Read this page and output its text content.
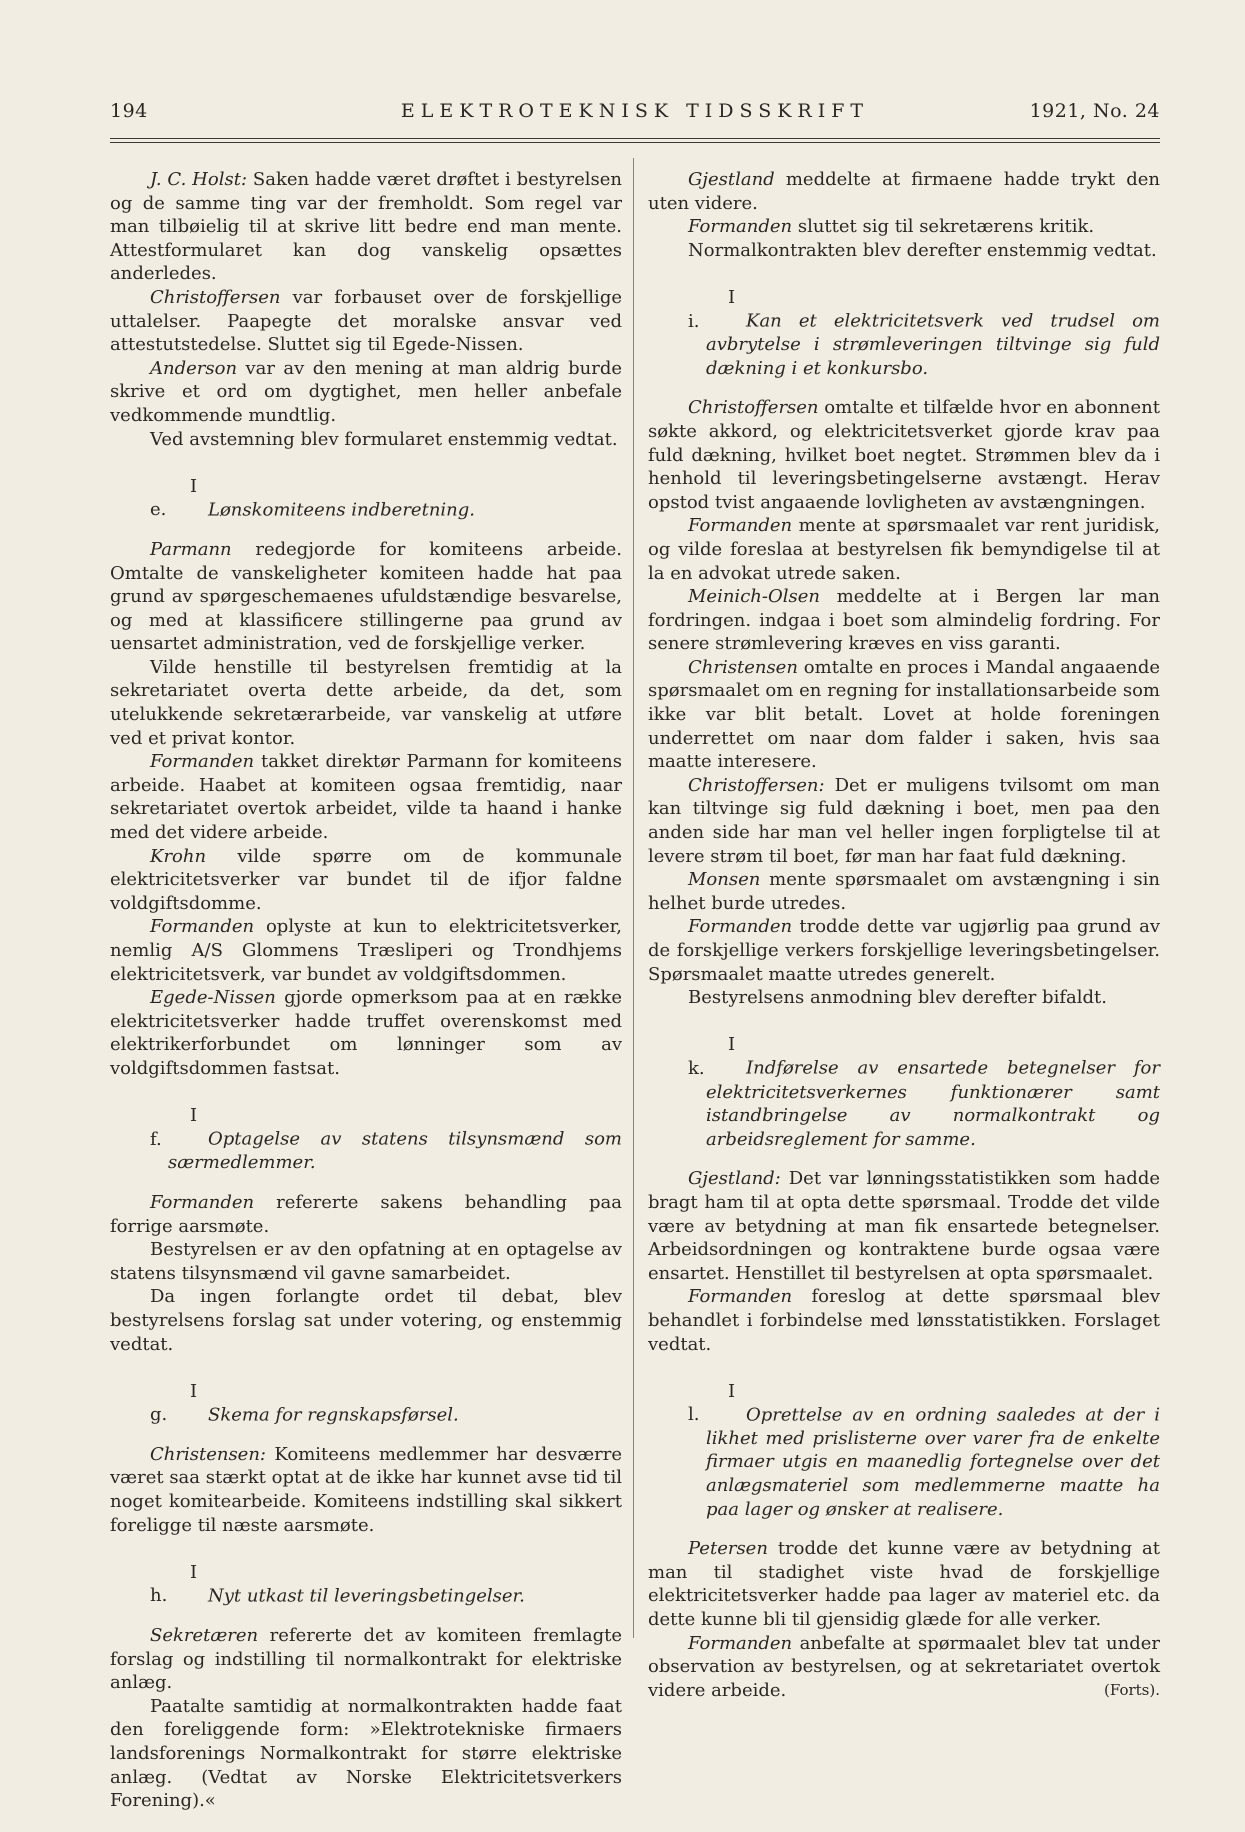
194	ELEKTROTEKNISK TIDSSKRIFT	1921, No. 24

J. C. Holst: Saken hadde været drøftet i bestyrelsen og de samme ting var der fremholdt. Som regel var man tilbøielig til at skrive litt bedre end man mente. Attestformularet kan dog vanskelig opsættes anderledes.

Christoffersen var forbauset over de forskjellige uttalelser. Paapegte det moralske ansvar ved attestutstedelse. Sluttet sig til Egede-Nissen.

Anderson var av den mening at man aldrig burde skrive et ord om dygtighet, men heller anbefale vedkommende mundtlig.

Ved avstemning blev formularet enstemmig vedtat.

I e. Lønskomiteens indberetning.

Parmann redegjorde for komiteens arbeide. Omtalte de vanskeligheter komiteen hadde hat paa grund av spørgeschemaenes ufuldstændige besvarelse, og med at klassificere stillingerne paa grund av uensartet administration, ved de forskjellige verker.

Vilde henstille til bestyrelsen fremtidig at la sekretariatet overta dette arbeide, da det, som utelukkende sekretærarbeide, var vanskelig at utføre ved et privat kontor.

Formanden takket direktør Parmann for komiteens arbeide. Haabet at komiteen ogsaa fremtidig, naar sekretariatet overtok arbeidet, vilde ta haand i hanke med det videre arbeide.

Krohn vilde spørre om de kommunale elektricitetsverker var bundet til de ifjor faldne voldgiftsdomme.

Formanden oplyste at kun to elektricitetsverker, nemlig A/S Glommens Træsliperi og Trondhjems elektricitetsverk, var bundet av voldgiftsdommen.

Egede-Nissen gjorde opmerksom paa at en række elektricitetsverker hadde truffet overenskomst med elektrikerforbundet om lønninger som av voldgiftsdommen fastsat.

I f.	Optagelse av statens tilsynsmænd som særmedlemmer.

Formanden refererte sakens behandling paa forrige aarsmøte.

Bestyrelsen er av den opfatning at en optagelse av statens tilsynsmænd vil gavne samarbeidet.

Da ingen forlangte ordet til debat, blev bestyrelsens forslag sat under votering, og enstemmig vedtat.

I g. Skema for regnskapsførsel.

Christensen: Komiteens medlemmer har desværre været saa stærkt optat at de ikke har kunnet avse tid til noget komitearbeide. Komiteens indstilling skal sikkert foreligge til næste aarsmøte.

I h. Nyt utkast til leveringsbetingelser.

Sekretæren refererte det av komiteen fremlagte forslag og indstilling til normalkontrakt for elektriske anlæg.

Paatalte samtidig at normalkontrakten hadde faat den foreliggende form: »Elektrotekniske firmaers landsforenings Normalkontrakt for større elektriske anlæg. (Vedtat av Norske Elektricitetsverkers Forening).«

Gjestland meddelte at firmaene hadde trykt den uten videre.

Formanden sluttet sig til sekretærens kritik.

Normalkontrakten blev derefter enstemmig vedtat.

I i.	Kan et elektricitetsverk ved trudsel om avbrytelse i strømleveringen tiltvinge sig fuld dækning i et konkursbo.

Christoffersen omtalte et tilfælde hvor en abonnent søkte akkord, og elektricitetsverket gjorde krav paa fuld dækning, hvilket boet negtet. Strømmen blev da i henhold til leveringsbetingelserne avstængt. Herav opstod tvist angaaende lovligheten av avstængningen.

Formanden mente at spørsmaalet var rent juridisk, og vilde foreslaa at bestyrelsen fik bemyndigelse til at la en advokat utrede saken.

Meinich-Olsen meddelte at i Bergen lar man fordringen. indgaa i boet som almindelig fordring. For senere strømlevering kræves en viss garanti.

Christensen omtalte en proces i Mandal angaaende spørsmaalet om en regning for installationsarbeide som ikke var blit betalt. Lovet at holde foreningen underrettet om naar dom falder i saken, hvis saa maatte interesere.

Christoffersen: Det er muligens tvilsomt om man kan tiltvinge sig fuld dækning i boet, men paa den anden side har man vel heller ingen forpligtelse til at levere strøm til boet, før man har faat fuld dækning.

Monsen mente spørsmaalet om avstængning i sin helhet burde utredes.

Formanden trodde dette var ugjørlig paa grund av de forskjellige verkers forskjellige leveringsbetingelser. Spørsmaalet maatte utredes generelt.

Bestyrelsens anmodning blev derefter bifaldt.

I k. Indførelse av ensartede betegnelser for elektricitetsverkernes funktionærer samt istandbringelse av normalkontrakt og arbeidsreglement for samme.

Gjestland: Det var lønningsstatistikken som hadde bragt ham til at opta dette spørsmaal. Trodde det vilde være av betydning at man fik ensartede betegnelser. Arbeidsordningen og kontraktene burde ogsaa være ensartet. Henstillet til bestyrelsen at opta spørsmaalet.

Formanden foreslog at dette spørsmaal blev behandlet i forbindelse med lønsstatistikken. Forslaget vedtat.

I l.	Oprettelse av en ordning saaledes at der i likhet med prislisterne over varer fra de enkelte firmaer utgis en maanedlig fortegnelse over det anlægsmateriel som medlemmerne maatte ha paa lager og ønsker at realisere.

Petersen trodde det kunne være av betydning at man til stadighet viste hvad de forskjellige elektricitetsverker hadde paa lager av materiel etc. da dette kunne bli til gjensidig glæde for alle verker.

Formanden anbefalte at spørmaalet blev tat under observation av bestyrelsen, og at sekretariatet overtok videre arbeide.	(Forts).
